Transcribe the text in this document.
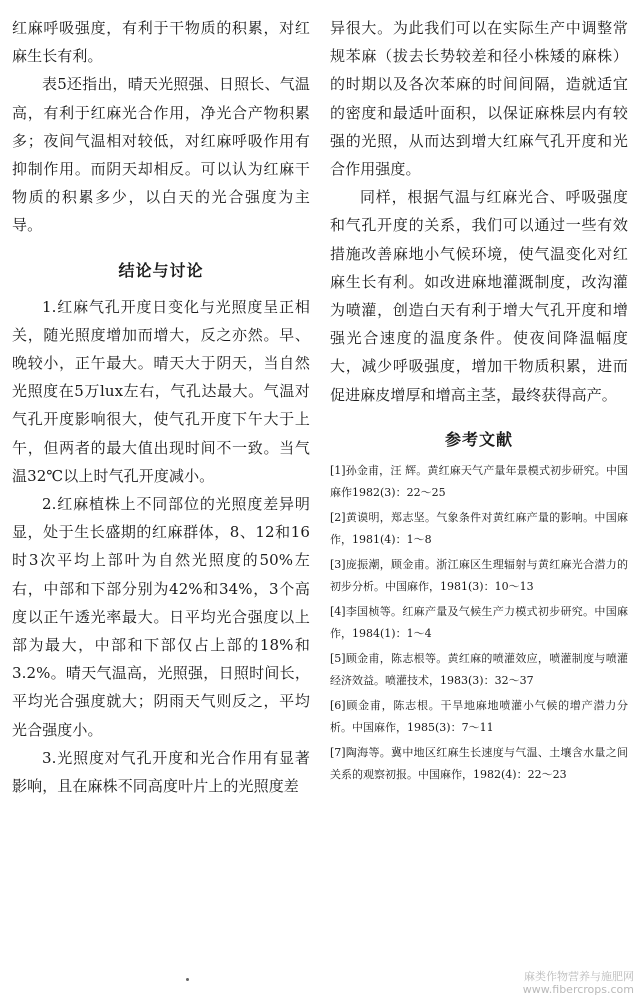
红麻呼吸强度，有利于干物质的积累，对红麻生长有利。

表5还指出，晴天光照强、日照长、气温高，有利于红麻光合作用，净光合产物积累多；夜间气温相对较低，对红麻呼吸作用有抑制作用。而阴天却相反。可以认为红麻干物质的积累多少，以白天的光合强度为主导。

结论与讨论

1.红麻气孔开度日变化与光照度呈正相关，随光照度增加而增大，反之亦然。早、晚较小，正午最大。晴天大于阴天，当自然光照度在5万lux左右，气孔达最大。气温对气孔开度影响很大，使气孔开度下午大于上午，但两者的最大值出现时间不一致。当气温32℃以上时气孔开度减小。

2.红麻植株上不同部位的光照度差异明显，处于生长盛期的红麻群体，8、12和16时3次平均上部叶为自然光照度的50%左右，中部和下部分别为42%和34%，3个高度以正午透光率最大。日平均光合强度以上部为最大，中部和下部仅占上部的18%和3.2%。晴天气温高，光照强，日照时间长，平均光合强度就大；阴雨天气则反之，平均光合强度小。

3.光照度对气孔开度和光合作用有显著影响，且在麻株不同高度叶片上的光照度差

异很大。为此我们可以在实际生产中调整常规苯麻（拔去长势较差和径小株矮的麻株）的时期以及各次苯麻的时间间隔，造就适宜的密度和最适叶面积，以保证麻株层内有较强的光照，从而达到增大红麻气孔开度和光合作用强度。

同样，根据气温与红麻光合、呼吸强度和气孔开度的关系，我们可以通过一些有效措施改善麻地小气候环境，使气温变化对红麻生长有利。如改进麻地灌溉制度，改沟灌为喷灌，创造白天有利于增大气孔开度和增强光合速度的温度条件。使夜间降温幅度大，减少呼吸强度，增加干物质积累，进而促进麻皮增厚和增高主茎，最终获得高产。

参考文献
[1]孙金甫，汪 辉。黄红麻天气产量年景模式初步研究。中国麻作1982(3)：22～25
[2]黄谟明，郑志坚。气象条件对黄红麻产量的影响。中国麻作，1981(4)：1～8
[3]庞振潮，顾金甫。浙江麻区生理辐射与黄红麻光合潜力的初步分析。中国麻作，1981(3)：10～13
[4]李国桢等。红麻产量及气候生产力模式初步研究。中国麻作，1984(1)：1～4
[5]顾金甫，陈志根等。黄红麻的喷灌效应，喷灌制度与喷灌经济效益。喷灌技术，1983(3)：32～37
[6]顾金甫，陈志根。干旱地麻地喷灌小气候的增产潜力分析。中国麻作，1985(3)：7～11
[7]陶海等。冀中地区红麻生长速度与气温、土壤含水量之间关系的观察初报。中国麻作，1982(4)：22～23
麻类作物营养与施肥网
www.fibercrops.com
